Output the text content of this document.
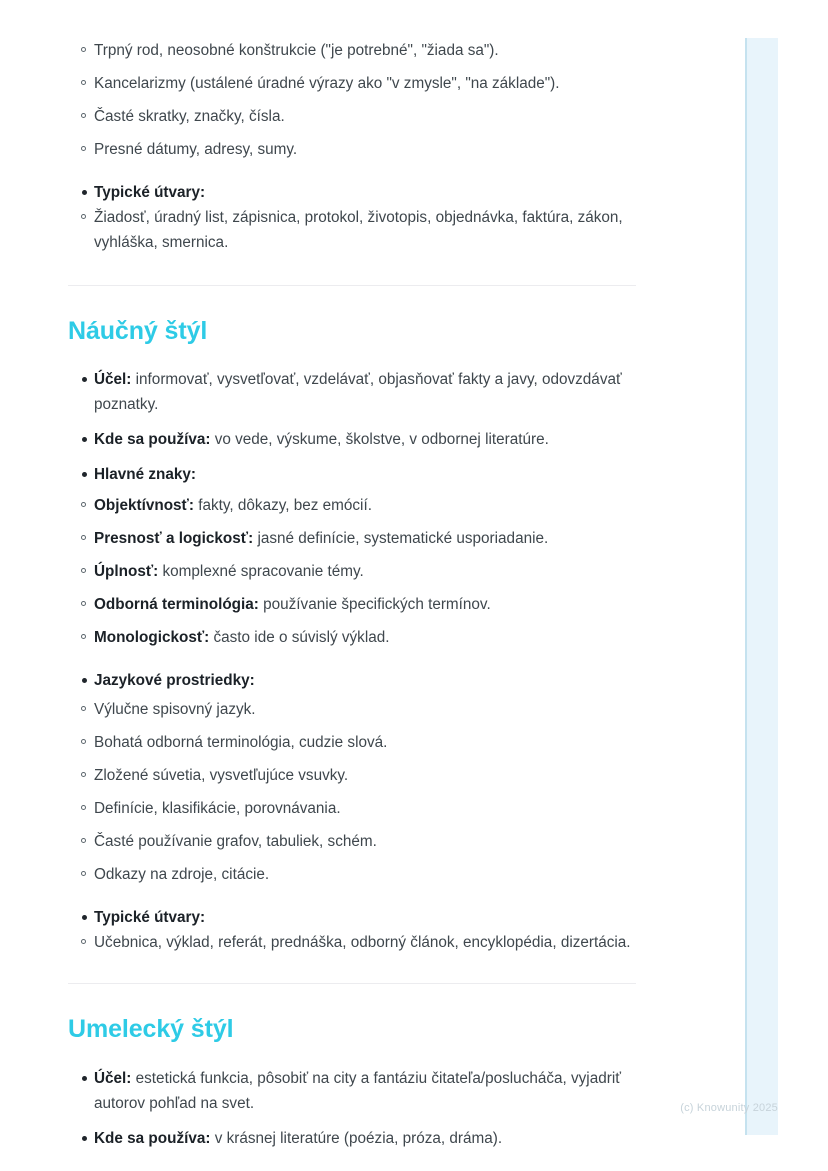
Trpný rod, neosobné konštrukcie ("je potrebné", "žiada sa").
Kancelarizmy (ustálené úradné výrazy ako "v zmysle", "na základe").
Časté skratky, značky, čísla.
Presné dátumy, adresy, sumy.
Typické útvary:
Žiadosť, úradný list, zápisnica, protokol, životopis, objednávka, faktúra, zákon, vyhláška, smernica.
Náučný štýl
Účel: informovať, vysvetľovať, vzdelávať, objasňovať fakty a javy, odovzdávať poznatky.
Kde sa používa: vo vede, výskume, školstve, v odbornej literatúre.
Hlavné znaky:
Objektívnosť: fakty, dôkazy, bez emócií.
Presnosť a logickosť: jasné definície, systematické usporiadanie.
Úplnosť: komplexné spracovanie témy.
Odborná terminológia: používanie špecifických termínov.
Monologickosť: často ide o súvislý výklad.
Jazykové prostriedky:
Výlučne spisovný jazyk.
Bohatá odborná terminológia, cudzie slová.
Zložené súvetia, vysvetľujúce vsuvky.
Definície, klasifikácie, porovnávania.
Časté používanie grafov, tabuliek, schém.
Odkazy na zdroje, citácie.
Typické útvary:
Učebnica, výklad, referát, prednáška, odborný článok, encyklopédia, dizertácia.
Umelecký štýl
Účel: estetická funkcia, pôsobiť na city a fantáziu čitateľa/poslucháča, vyjadriť autorov pohľad na svet.
Kde sa používa: v krásnej literatúre (poézia, próza, dráma).
(c) Knowunity 2025
